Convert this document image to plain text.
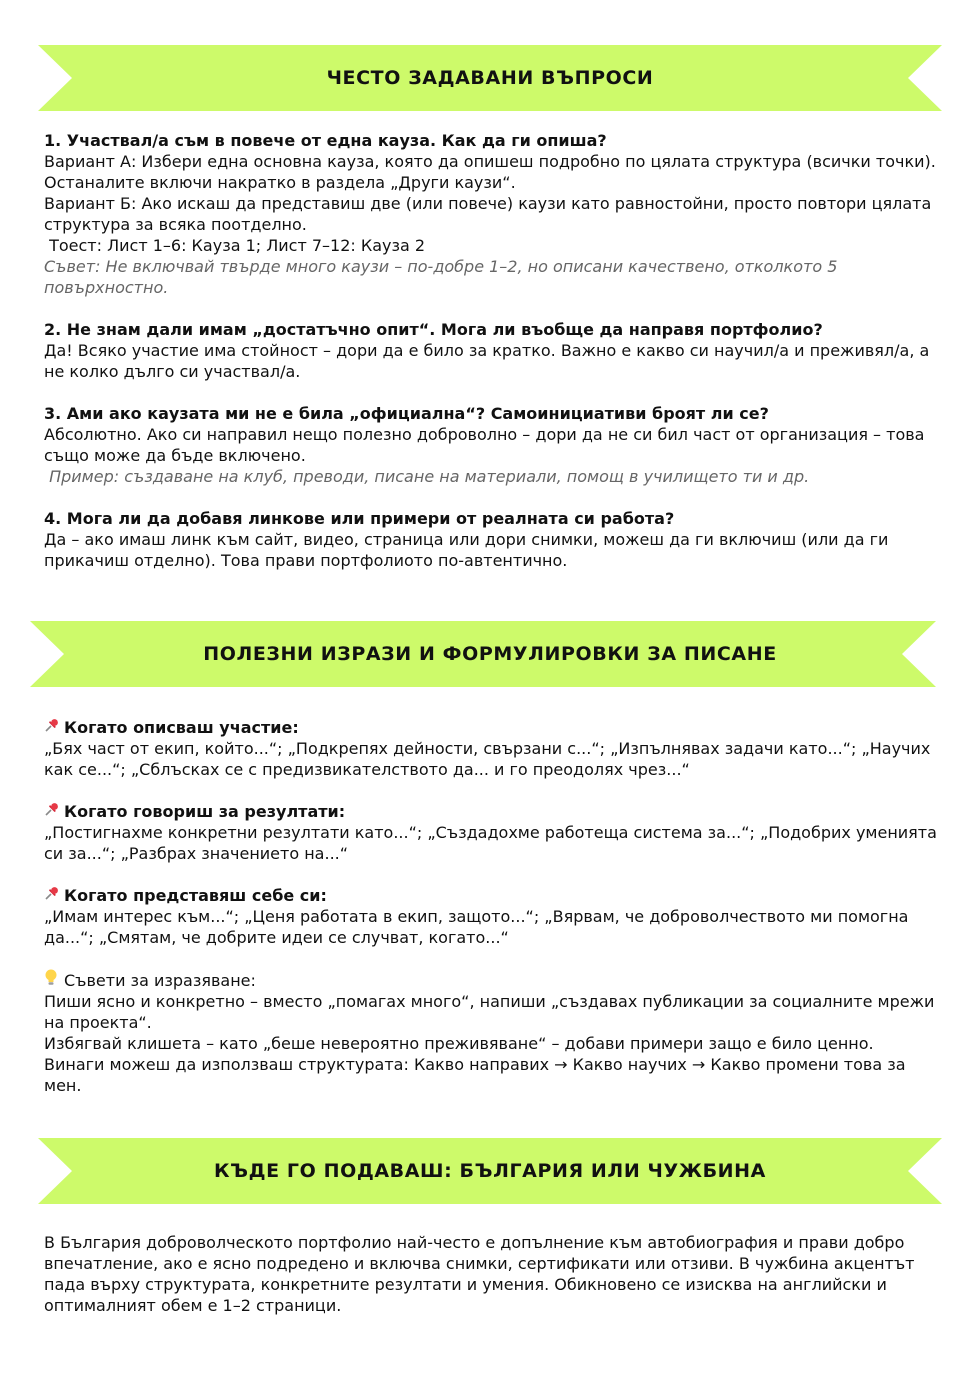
ЧЕСТО ЗАДАВАНИ ВЪПРОСИ

1. Участвал/а съм в повече от една кауза. Как да ги опиша?

Вариант А: Избери една основна кауза, която да опишеш подробно по цялата структура (всички точки). Останалите включи накратко в раздела „Други каузи“.

Вариант Б: Ако искаш да представиш две (или повече) каузи като равностойни, просто повтори цялата структура за всяка поотделно.

Тоест: Лист 1–6: Кауза 1; Лист 7–12: Кауза 2

Съвет: Не включвай твърде много каузи – по-добре 1–2, но описани качествено, отколкото 5 повърхностно.

2. Не знам дали имам „достатъчно опит“. Мога ли въобще да направя портфолио?

Да! Всяко участие има стойност – дори да е било за кратко. Важно е какво си научил/а и преживял/а, а не колко дълго си участвал/а.

3. Ами ако каузата ми не е била „официална“? Самоинициативи броят ли се?

Абсолютно. Ако си направил нещо полезно доброволно – дори да не си бил част от организация – това също може да бъде включено.

Пример: създаване на клуб, преводи, писане на материали, помощ в училището ти и др.

4. Мога ли да добавя линкове или примери от реалната си работа?

Да – ако имаш линк към сайт, видео, страница или дори снимки, можеш да ги включиш (или да ги прикачиш отделно). Това прави портфолиото по-автентично.

ПОЛЕЗНИ ИЗРАЗИ И ФОРМУЛИРОВКИ ЗА ПИСАНЕ

Когато описваш участие:

„Бях част от екип, който...“; „Подкрепях дейности, свързани с...“; „Изпълнявах задачи като...“; „Научих как се...“; „Сблъсках се с предизвикателството да... и го преодолях чрез...“

Когато говориш за резултати:

„Постигнахме конкретни резултати като...“; „Създадохме работеща система за...“; „Подобрих уменията си за...“; „Разбрах значението на...“

Когато представяш себе си:

„Имам интерес към...“; „Ценя работата в екип, защото...“; „Вярвам, че доброволчеството ми помогна да...“; „Смятам, че добрите идеи се случват, когато...“

Съвети за изразяване:

Пиши ясно и конкретно – вместо „помагах много“, напиши „създавах публикации за социалните мрежи на проекта“.

Избягвай клишета – като „беше невероятно преживяване“ – добави примери защо е било ценно.

Винаги можеш да използваш структурата: Какво направих → Какво научих → Какво промени това за мен.

КЪДЕ ГО ПОДАВАШ: БЪЛГАРИЯ ИЛИ ЧУЖБИНА

В България доброволческото портфолио най-често е допълнение към автобиография и прави добро впечатление, ако е ясно подредено и включва снимки, сертификати или отзиви. В чужбина акцентът пада върху структурата, конкретните резултати и умения. Обикновено се изисква на английски и оптималният обем е 1–2 страници.
